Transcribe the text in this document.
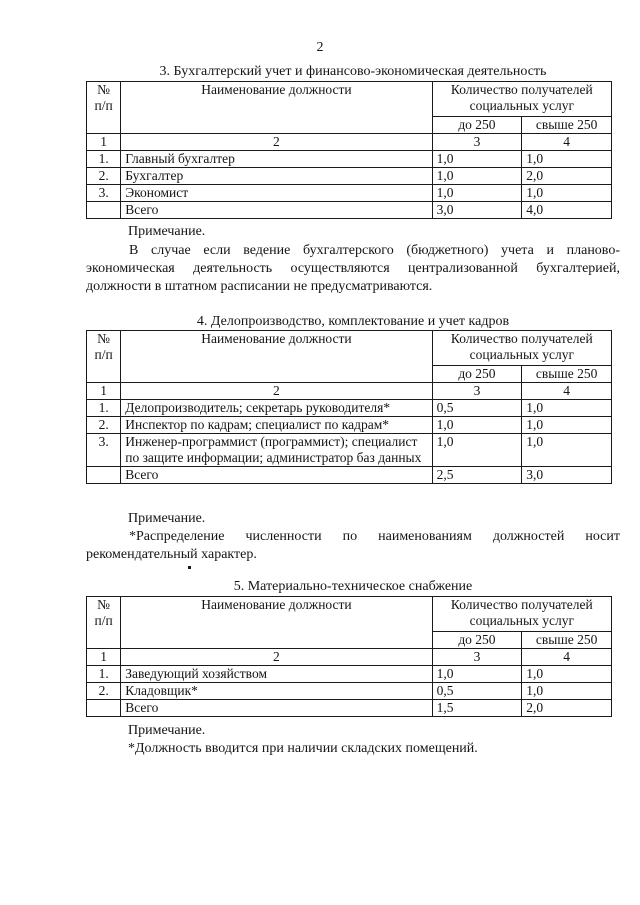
2
3. Бухгалтерский учет и финансово-экономическая деятельность
№
п/п	Наименование должности	Количество получателей социальных услуг	
		до 250	свыше 250
1	2	3	4
1.	Главный бухгалтер	1,0	1,0
2.	Бухгалтер	1,0	2,0
3.	Экономист	1,0	1,0
	Всего	3,0	4,0
Примечание.
В случае если ведение бухгалтерского (бюджетного) учета и планово-экономическая деятельность осуществляются централизованной бухгалтерией, должности в штатном расписании не предусматриваются.
4. Делопроизводство, комплектование и учет кадров
№
п/п	Наименование должности	Количество получателей социальных услуг	
		до 250	свыше 250
1	2	3	4
1.	Делопроизводитель; секретарь руководителя*	0,5	1,0
2.	Инспектор по кадрам; специалист по кадрам*	1,0	1,0
3.	Инженер-программист (программист); специалист по защите информации; администратор баз данных	1,0	1,0
	Всего	2,5	3,0
Примечание.
*Распределение численности по наименованиям должностей носит рекомендательный характер.
5. Материально-техническое снабжение
№
п/п	Наименование должности	Количество получателей социальных услуг	
		до 250	свыше 250
1	2	3	4
1.	Заведующий хозяйством	1,0	1,0
2.	Кладовщик*	0,5	1,0
	Всего	1,5	2,0
Примечание.
*Должность вводится при наличии складских помещений.
